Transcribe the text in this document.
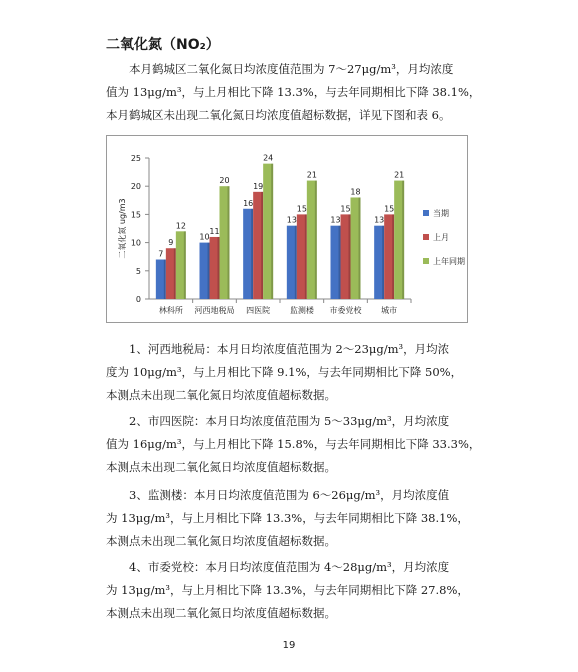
二氧化氮（NO₂）
本月鹤城区二氧化氮日均浓度值范围为 7～27μg/m³，月均浓度
值为 13μg/m³，与上月相比下降 13.3%，与去年同期相比下降 38.1%，
本月鹤城区未出现二氧化氮日均浓度值超标数据，详见下图和表 6。
0
5
10
15
20
25
二氧化氮 ug/m3
林科所
7
9
12
河西地税局
10
11
20
四医院
16
19
24
监测楼
13
15
21
市委党校
13
15
18
城市
13
15
21
当期
上月
上年同期
1、河西地税局：本月日均浓度值范围为 2～23μg/m³，月均浓
度为 10μg/m³，与上月相比下降 9.1%，与去年同期相比下降 50%，
本测点未出现二氧化氮日均浓度值超标数据。
2、市四医院：本月日均浓度值范围为 5～33μg/m³，月均浓度
值为 16μg/m³，与上月相比下降 15.8%，与去年同期相比下降 33.3%，
本测点未出现二氧化氮日均浓度值超标数据。
3、监测楼：本月日均浓度值范围为 6～26μg/m³，月均浓度值
为 13μg/m³，与上月相比下降 13.3%，与去年同期相比下降 38.1%，
本测点未出现二氧化氮日均浓度值超标数据。
4、市委党校：本月日均浓度值范围为 4～28μg/m³，月均浓度
为 13μg/m³，与上月相比下降 13.3%，与去年同期相比下降 27.8%，
本测点未出现二氧化氮日均浓度值超标数据。
19
